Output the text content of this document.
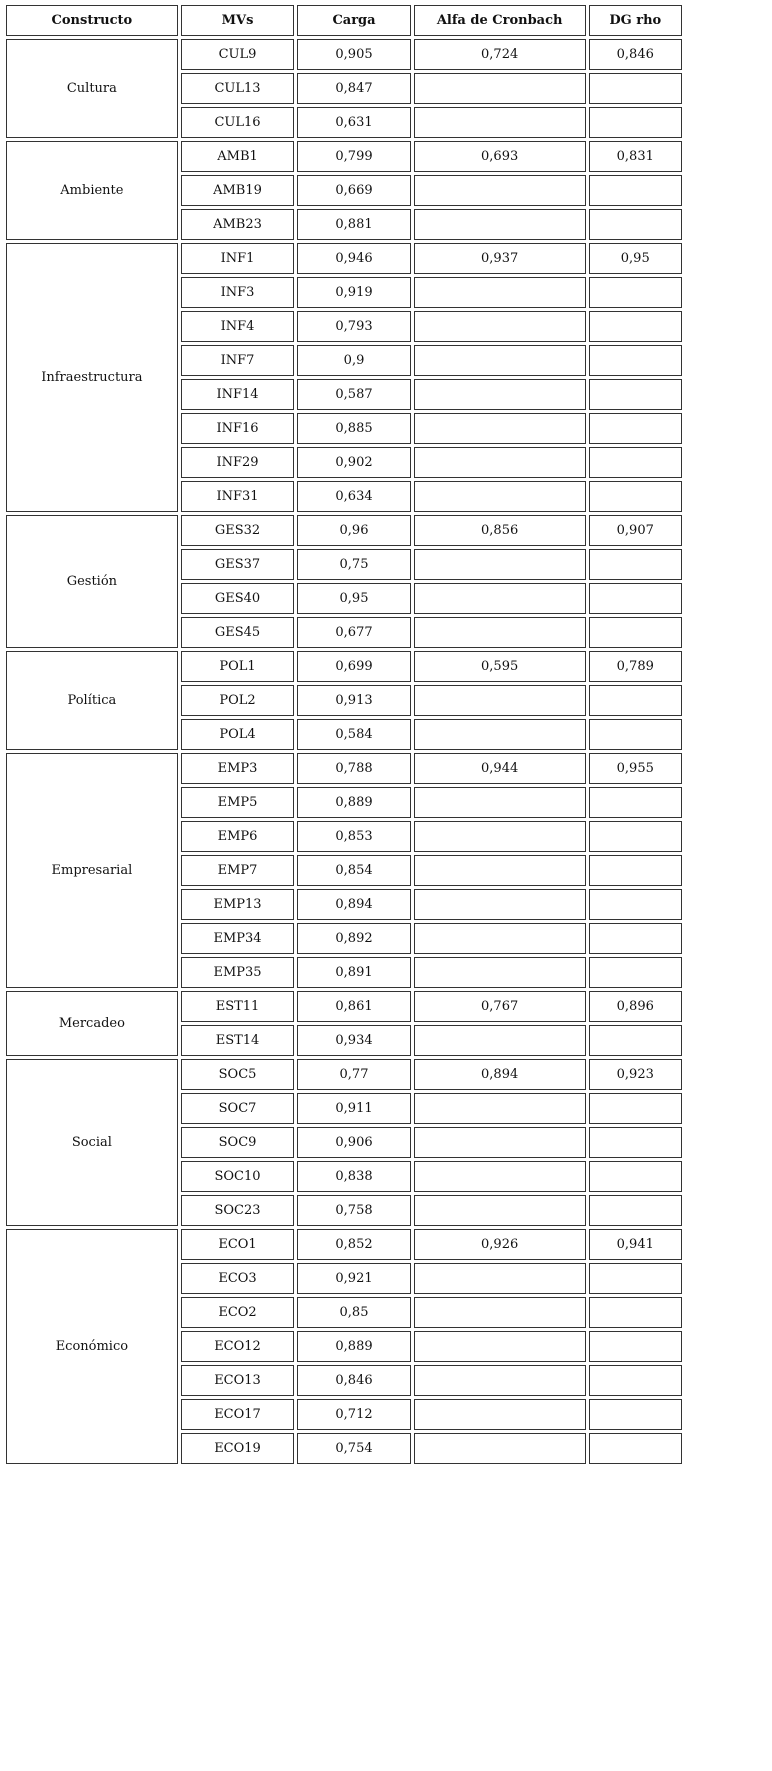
Constructo	MVs	Carga	Alfa de Cronbach	DG rho
Cultura	CUL9	0,905	0,724	0,846
	CUL13	0,847		
	CUL16	0,631		
Ambiente	AMB1	0,799	0,693	0,831
	AMB19	0,669		
	AMB23	0,881		
Infraestructura	INF1	0,946	0,937	0,95
	INF3	0,919		
	INF4	0,793		
	INF7	0,9		
	INF14	0,587		
	INF16	0,885		
	INF29	0,902		
	INF31	0,634		
Gestión	GES32	0,96	0,856	0,907
	GES37	0,75		
	GES40	0,95		
	GES45	0,677		
Política	POL1	0,699	0,595	0,789
	POL2	0,913		
	POL4	0,584		
Empresarial	EMP3	0,788	0,944	0,955
	EMP5	0,889		
	EMP6	0,853		
	EMP7	0,854		
	EMP13	0,894		
	EMP34	0,892		
	EMP35	0,891		
Mercadeo	EST11	0,861	0,767	0,896
	EST14	0,934		
Social	SOC5	0,77	0,894	0,923
	SOC7	0,911		
	SOC9	0,906		
	SOC10	0,838		
	SOC23	0,758		
Económico	ECO1	0,852	0,926	0,941
	ECO3	0,921		
	ECO2	0,85		
	ECO12	0,889		
	ECO13	0,846		
	ECO17	0,712		
	ECO19	0,754		
